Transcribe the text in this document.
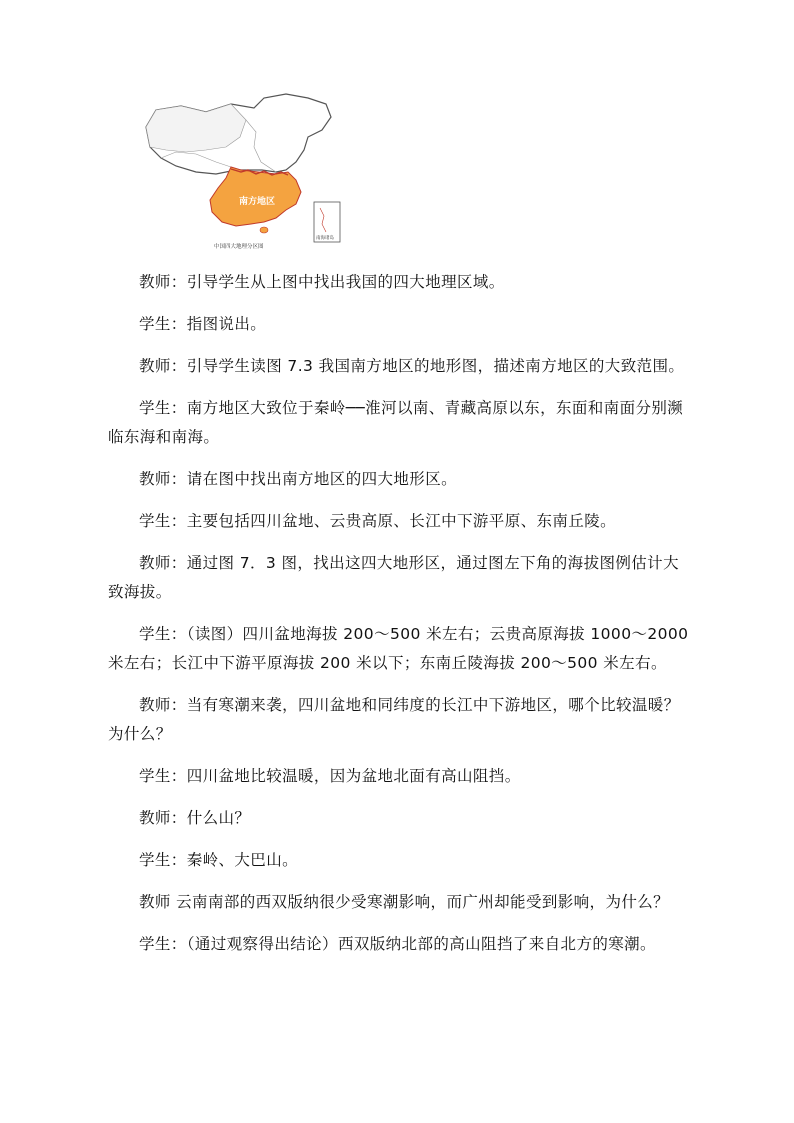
南方地区
南海诸岛
中国四大地理分区图

教师：引导学生从上图中找出我国的四大地理区域。

学生：指图说出。

教师：引导学生读图 7.3 我国南方地区的地形图，描述南方地区的大致范围。

学生：南方地区大致位于秦岭──淮河以南、青藏高原以东，东面和南面分别濒临东海和南海。

教师：请在图中找出南方地区的四大地形区。

学生：主要包括四川盆地、云贵高原、长江中下游平原、东南丘陵。

教师：通过图 7．3 图，找出这四大地形区，通过图左下角的海拔图例估计大致海拔。

学生：（读图）四川盆地海拔 200～500 米左右；云贵高原海拔 1000～2000 米左右；长江中下游平原海拔 200 米以下；东南丘陵海拔 200～500 米左右。

教师：当有寒潮来袭，四川盆地和同纬度的长江中下游地区，哪个比较温暖？为什么？

学生：四川盆地比较温暖，因为盆地北面有高山阻挡。

教师：什么山？

学生：秦岭、大巴山。

教师 云南南部的西双版纳很少受寒潮影响，而广州却能受到影响，为什么？

学生：（通过观察得出结论）西双版纳北部的高山阻挡了来自北方的寒潮。
